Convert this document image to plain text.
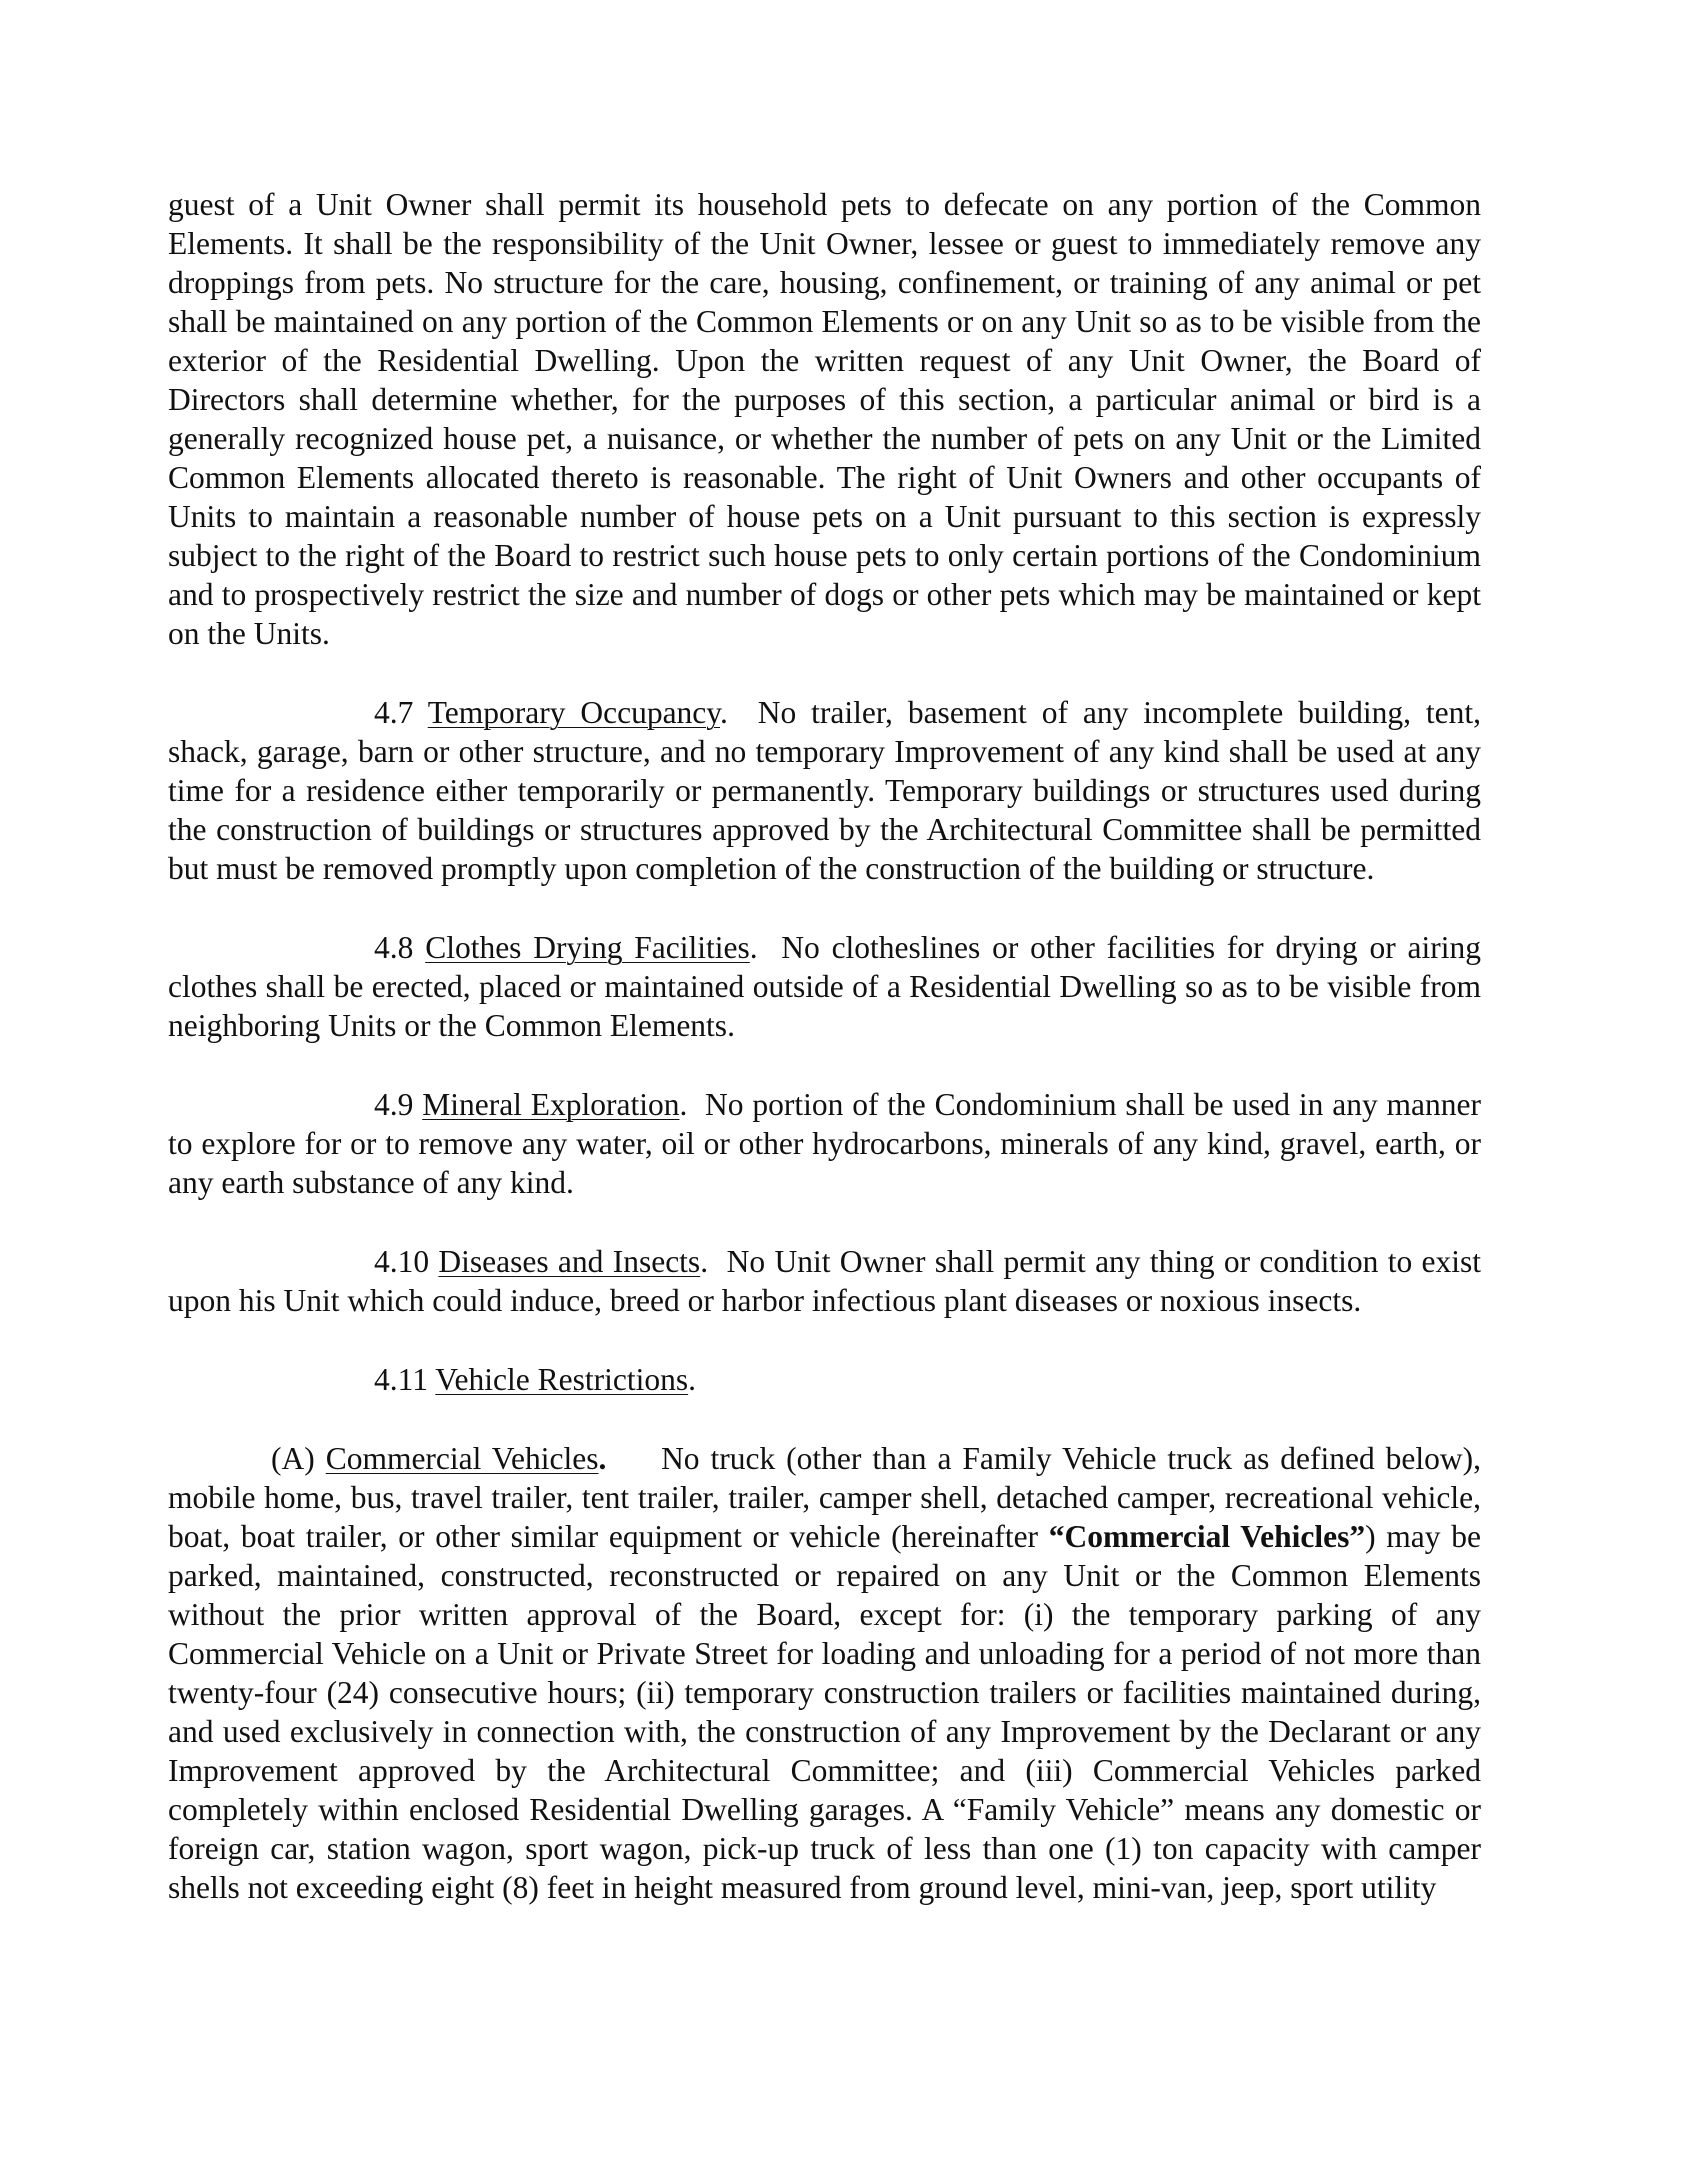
guest of a Unit Owner shall permit its household pets to defecate on any portion of the Common Elements. It shall be the responsibility of the Unit Owner, lessee or guest to immediately remove any droppings from pets. No structure for the care, housing, confinement, or training of any animal or pet shall be maintained on any portion of the Common Elements or on any Unit so as to be visible from the exterior of the Residential Dwelling. Upon the written request of any Unit Owner, the Board of Directors shall determine whether, for the purposes of this section, a particular animal or bird is a generally recognized house pet, a nuisance, or whether the number of pets on any Unit or the Limited Common Elements allocated thereto is reasonable. The right of Unit Owners and other occupants of Units to maintain a reasonable number of house pets on a Unit pursuant to this section is expressly subject to the right of the Board to restrict such house pets to only certain portions of the Condominium and to prospectively restrict the size and number of dogs or other pets which may be maintained or kept on the Units.

4.7 Temporary Occupancy.  No trailer, basement of any incomplete building, tent, shack, garage, barn or other structure, and no temporary Improvement of any kind shall be used at any time for a residence either temporarily or permanently. Temporary buildings or structures used during the construction of buildings or structures approved by the Architectural Committee shall be permitted but must be removed promptly upon completion of the construction of the building or structure.

4.8 Clothes Drying Facilities.  No clotheslines or other facilities for drying or airing clothes shall be erected, placed or maintained outside of a Residential Dwelling so as to be visible from neighboring Units or the Common Elements.

4.9 Mineral Exploration.  No portion of the Condominium shall be used in any manner to explore for or to remove any water, oil or other hydrocarbons, minerals of any kind, gravel, earth, or any earth substance of any kind.

4.10 Diseases and Insects.  No Unit Owner shall permit any thing or condition to exist upon his Unit which could induce, breed or harbor infectious plant diseases or noxious insects.

4.11 Vehicle Restrictions.

(A) Commercial Vehicles. No truck (other than a Family Vehicle truck as defined below), mobile home, bus, travel trailer, tent trailer, trailer, camper shell, detached camper, recreational vehicle, boat, boat trailer, or other similar equipment or vehicle (hereinafter “Commercial Vehicles”) may be parked, maintained, constructed, reconstructed or repaired on any Unit or the Common Elements without the prior written approval of the Board, except for: (i) the temporary parking of any Commercial Vehicle on a Unit or Private Street for loading and unloading for a period of not more than twenty-four (24) consecutive hours; (ii) temporary construction trailers or facilities maintained during, and used exclusively in connection with, the construction of any Improvement by the Declarant or any Improvement approved by the Architectural Committee; and (iii) Commercial Vehicles parked completely within enclosed Residential Dwelling garages. A “Family Vehicle” means any domestic or foreign car, station wagon, sport wagon, pick-up truck of less than one (1) ton capacity with camper shells not exceeding eight (8) feet in height measured from ground level, mini-van, jeep, sport utility
